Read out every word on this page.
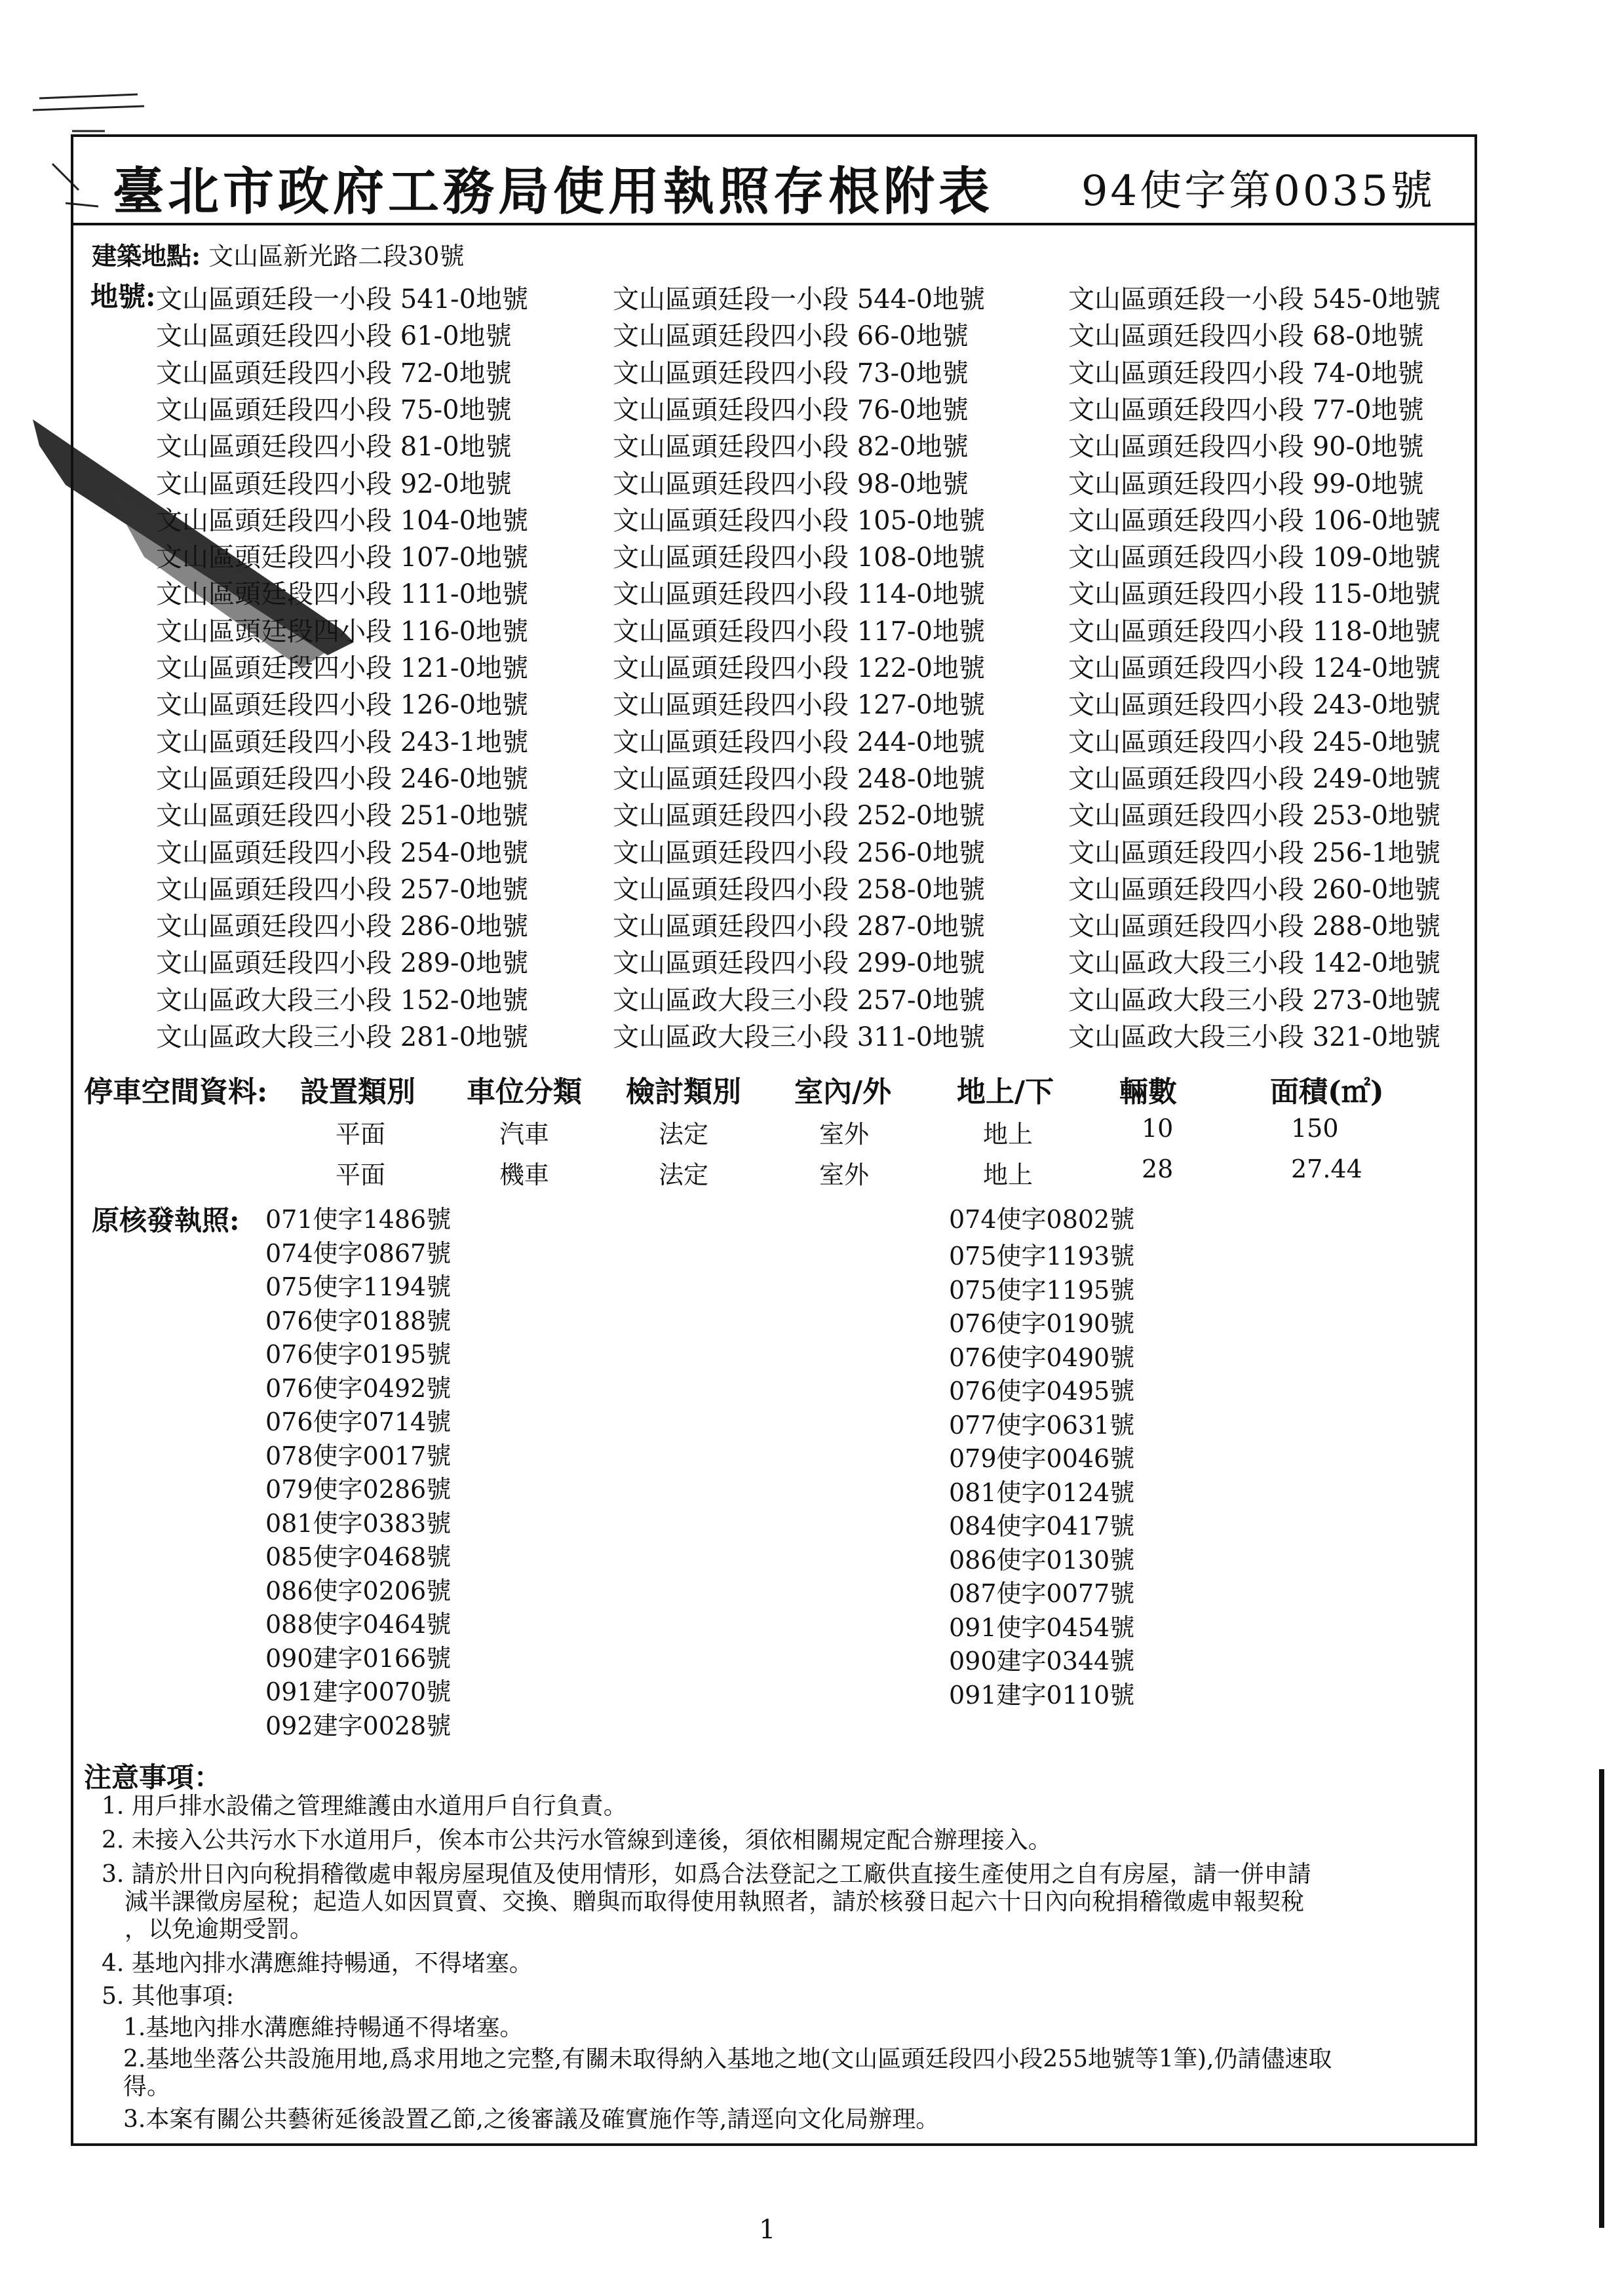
臺北市政府工務局使用執照存根附表 94使字第0035號
建築地點: 文山區新光路二段30號
地號: 文山區頭廷段一小段 541-0地號	文山區頭廷段一小段 544-0地號	文山區頭廷段一小段 545-0地號
文山區頭廷段四小段 61-0地號	文山區頭廷段四小段 66-0地號	文山區頭廷段四小段 68-0地號
文山區頭廷段四小段 72-0地號	文山區頭廷段四小段 73-0地號	文山區頭廷段四小段 74-0地號
文山區頭廷段四小段 75-0地號	文山區頭廷段四小段 76-0地號	文山區頭廷段四小段 77-0地號
文山區頭廷段四小段 81-0地號	文山區頭廷段四小段 82-0地號	文山區頭廷段四小段 90-0地號
文山區頭廷段四小段 92-0地號	文山區頭廷段四小段 98-0地號	文山區頭廷段四小段 99-0地號
文山區頭廷段四小段 104-0地號	文山區頭廷段四小段 105-0地號	文山區頭廷段四小段 106-0地號
文山區頭廷段四小段 107-0地號	文山區頭廷段四小段 108-0地號	文山區頭廷段四小段 109-0地號
文山區頭廷段四小段 111-0地號	文山區頭廷段四小段 114-0地號	文山區頭廷段四小段 115-0地號
文山區頭廷段四小段 116-0地號	文山區頭廷段四小段 117-0地號	文山區頭廷段四小段 118-0地號
文山區頭廷段四小段 121-0地號	文山區頭廷段四小段 122-0地號	文山區頭廷段四小段 124-0地號
文山區頭廷段四小段 126-0地號	文山區頭廷段四小段 127-0地號	文山區頭廷段四小段 243-0地號
文山區頭廷段四小段 243-1地號	文山區頭廷段四小段 244-0地號	文山區頭廷段四小段 245-0地號
文山區頭廷段四小段 246-0地號	文山區頭廷段四小段 248-0地號	文山區頭廷段四小段 249-0地號
文山區頭廷段四小段 251-0地號	文山區頭廷段四小段 252-0地號	文山區頭廷段四小段 253-0地號
文山區頭廷段四小段 254-0地號	文山區頭廷段四小段 256-0地號	文山區頭廷段四小段 256-1地號
文山區頭廷段四小段 257-0地號	文山區頭廷段四小段 258-0地號	文山區頭廷段四小段 260-0地號
文山區頭廷段四小段 286-0地號	文山區頭廷段四小段 287-0地號	文山區頭廷段四小段 288-0地號
文山區頭廷段四小段 289-0地號	文山區頭廷段四小段 299-0地號	文山區政大段三小段 142-0地號
文山區政大段三小段 152-0地號	文山區政大段三小段 257-0地號	文山區政大段三小段 273-0地號
文山區政大段三小段 281-0地號	文山區政大段三小段 311-0地號	文山區政大段三小段 321-0地號
停車空間資料: 設置類別 車位分類 檢討類別 室內/外 地上/下 輛數	面積(㎡)
平面	汽車	法定	室外	地上	10	150
平面	機車	法定	室外	地上	28	27.44
原核發執照: 071使字1486號
074使字0867號
075使字1194號
076使字0188號
076使字0195號
076使字0492號
076使字0714號
078使字0017號
079使字0286號
081使字0383號
085使字0468號
086使字0206號
088使字0464號
090建字0166號
091建字0070號
092建字0028號
074使字0802號
075使字1193號
075使字1195號
076使字0190號
076使字0490號
076使字0495號
077使字0631號
079使字0046號
081使字0124號
084使字0417號
086使字0130號
087使字0077號
091使字0454號
090建字0344號
091建字0110號
注意事項：
1. 用戶排水設備之管理維護由水道用戶自行負責。
2. 未接入公共污水下水道用戶，俟本市公共污水管線到達後，須依相關規定配合辦理接入。
3. 請於卅日內向稅捐稽徵處申報房屋現值及使用情形，如爲合法登記之工廠供直接生產使用之自有房屋，請一併申請
減半課徵房屋稅；起造人如因買賣、交換、贈與而取得使用執照者，請於核發日起六十日內向稅捐稽徵處申報契稅
，以免逾期受罰。
4. 基地內排水溝應維持暢通，不得堵塞。
5. 其他事項:
1.基地內排水溝應維持暢通不得堵塞。
2.基地坐落公共設施用地,爲求用地之完整,有關未取得納入基地之地(文山區頭廷段四小段255地號等1筆),仍請儘速取
得。
3.本案有關公共藝術延後設置乙節,之後審議及確實施作等,請逕向文化局辦理。
1
